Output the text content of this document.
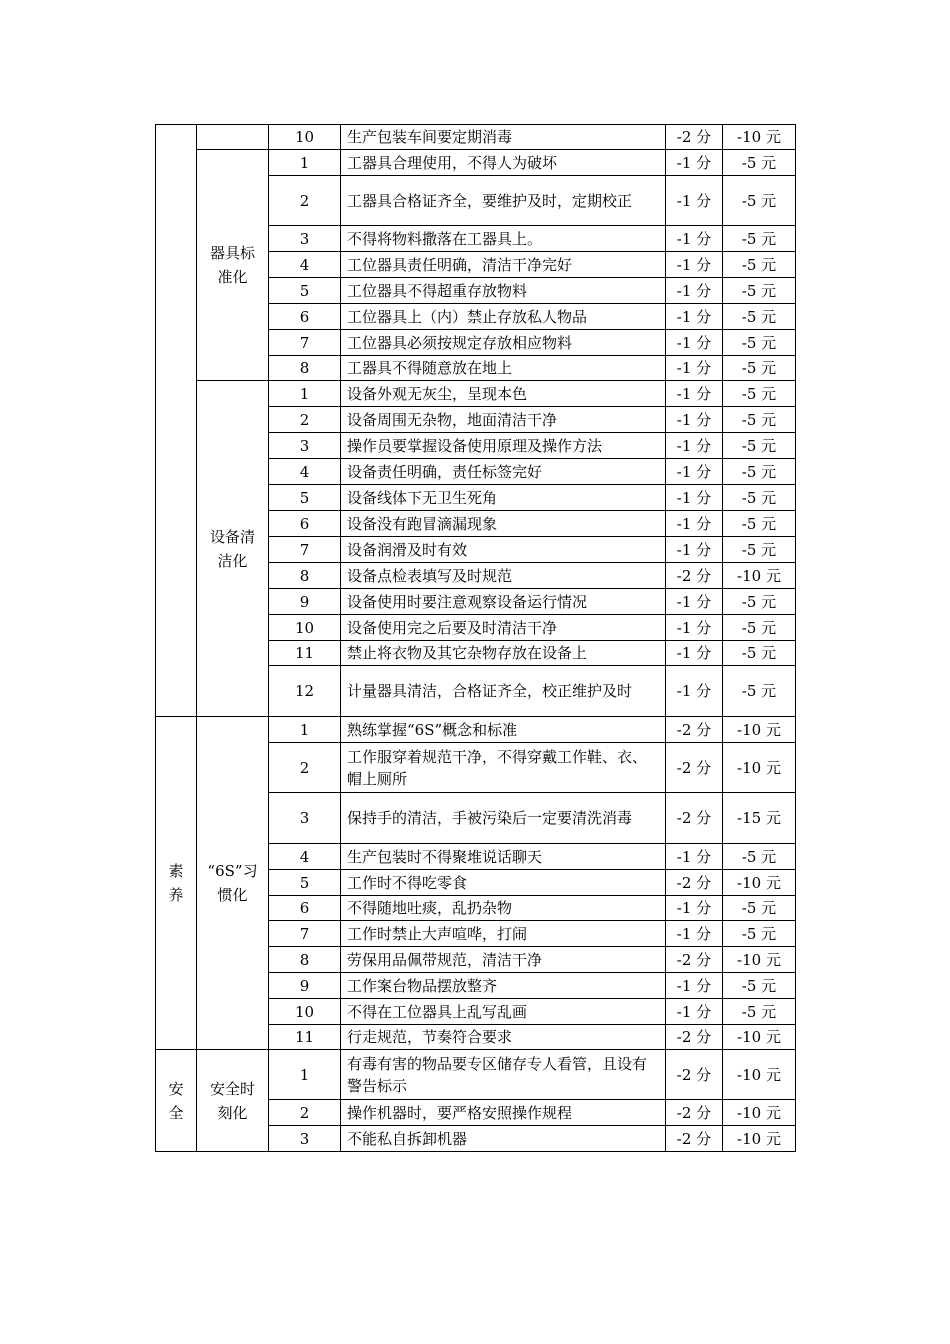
		10	生产包装车间要定期消毒	-2 分	-10 元
	器具标准化	1	工器具合理使用，不得人为破坏	-1 分	-5 元
		2	工器具合格证齐全，要维护及时，定期校正	-1 分	-5 元
		3	不得将物料撒落在工器具上。	-1 分	-5 元
		4	工位器具责任明确，清洁干净完好	-1 分	-5 元
		5	工位器具不得超重存放物料	-1 分	-5 元
		6	工位器具上（内）禁止存放私人物品	-1 分	-5 元
		7	工位器具必须按规定存放相应物料	-1 分	-5 元
		8	工器具不得随意放在地上	-1 分	-5 元
	设备清洁化	1	设备外观无灰尘，呈现本色	-1 分	-5 元
		2	设备周围无杂物，地面清洁干净	-1 分	-5 元
		3	操作员要掌握设备使用原理及操作方法	-1 分	-5 元
		4	设备责任明确，责任标签完好	-1 分	-5 元
		5	设备线体下无卫生死角	-1 分	-5 元
		6	设备没有跑冒滴漏现象	-1 分	-5 元
		7	设备润滑及时有效	-1 分	-5 元
		8	设备点检表填写及时规范	-2 分	-10 元
		9	设备使用时要注意观察设备运行情况	-1 分	-5 元
		10	设备使用完之后要及时清洁干净	-1 分	-5 元
		11	禁止将衣物及其它杂物存放在设备上	-1 分	-5 元
		12	计量器具清洁，合格证齐全，校正维护及时	-1 分	-5 元
素养	“6S”习惯化	1	熟练掌握“6S”概念和标准	-2 分	-10 元
		2	工作服穿着规范干净，不得穿戴工作鞋、衣、帽上厕所	-2 分	-10 元
		3	保持手的清洁，手被污染后一定要清洗消毒	-2 分	-15 元
		4	生产包装时不得聚堆说话聊天	-1 分	-5 元
		5	工作时不得吃零食	-2 分	-10 元
		6	不得随地吐痰，乱扔杂物	-1 分	-5 元
		7	工作时禁止大声喧哗，打闹	-1 分	-5 元
		8	劳保用品佩带规范，清洁干净	-2 分	-10 元
		9	工作案台物品摆放整齐	-1 分	-5 元
		10	不得在工位器具上乱写乱画	-1 分	-5 元
		11	行走规范，节奏符合要求	-2 分	-10 元
安全	安全时刻化	1	有毒有害的物品要专区储存专人看管，且设有警告标示	-2 分	-10 元
		2	操作机器时，要严格安照操作规程	-2 分	-10 元
		3	不能私自拆卸机器	-2 分	-10 元
